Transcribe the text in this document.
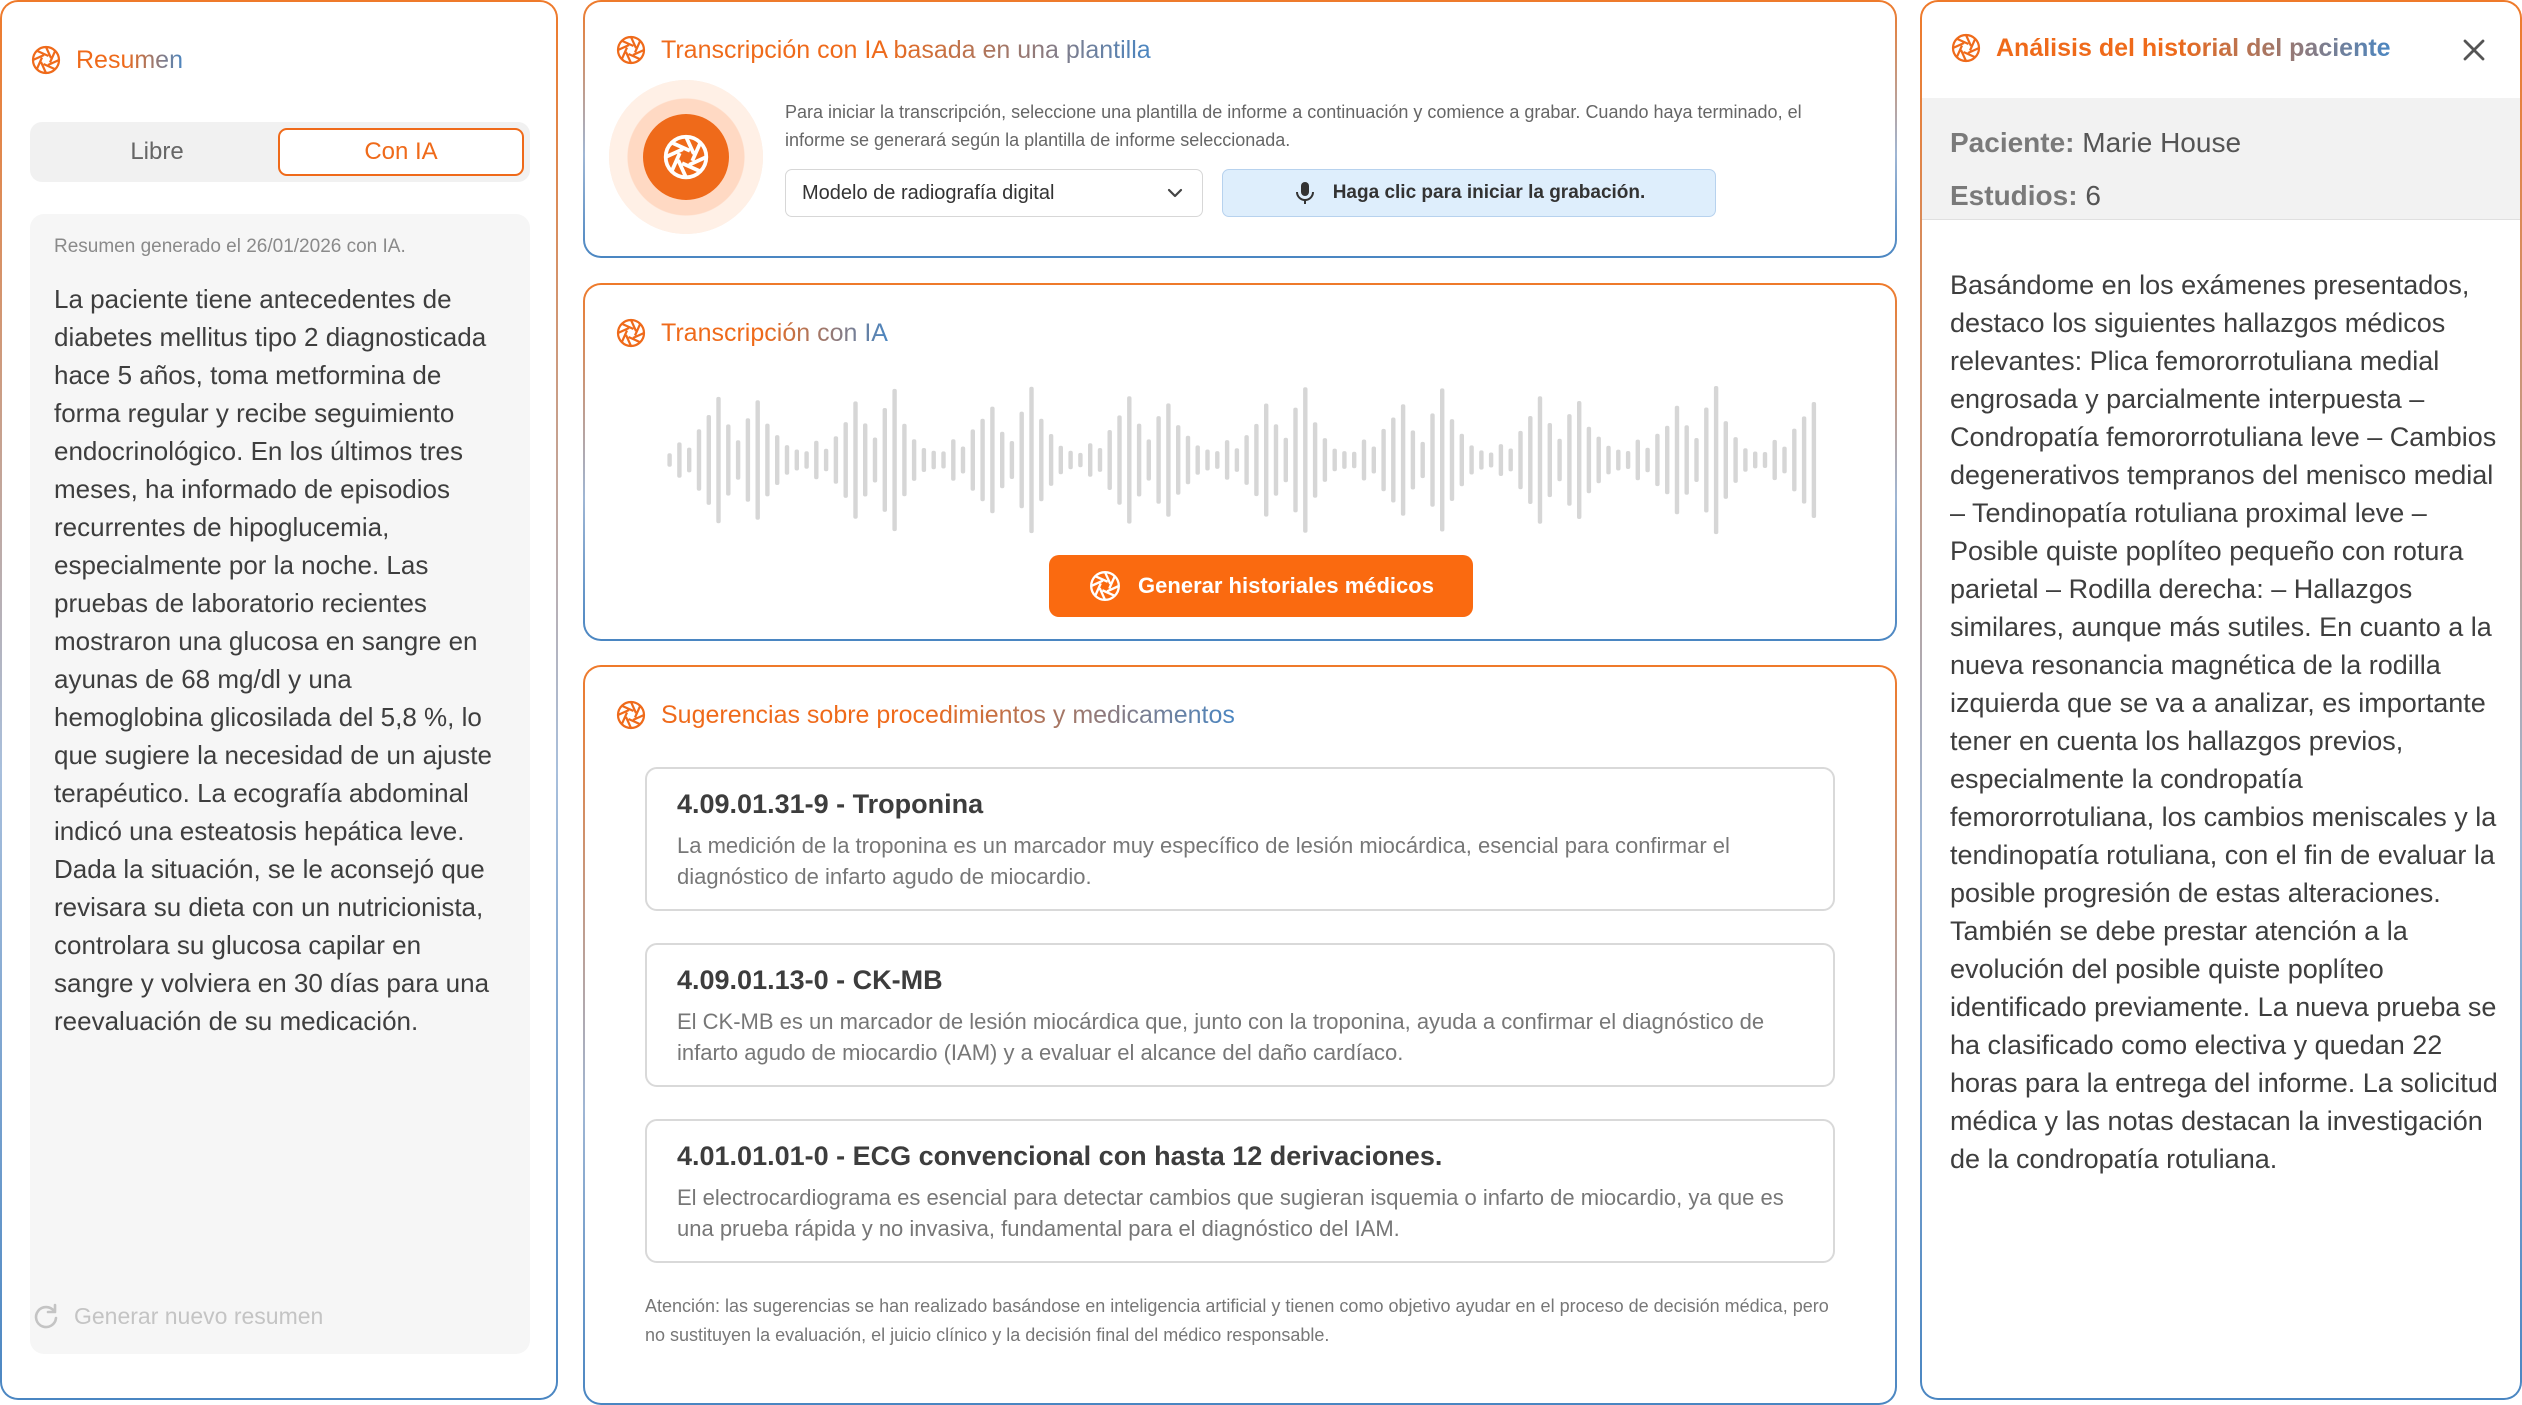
Resumen
Libre	Con IA
Resumen generado el 26/01/2026 con IA.
La paciente tiene antecedentes de diabetes mellitus tipo 2 diagnosticada hace 5 años, toma metformina de forma regular y recibe seguimiento endocrinológico. En los últimos tres meses, ha informado de episodios recurrentes de hipoglucemia, especialmente por la noche. Las pruebas de laboratorio recientes mostraron una glucosa en sangre en ayunas de 68 mg/dl y una hemoglobina glicosilada del 5,8 %, lo que sugiere la necesidad de un ajuste terapéutico. La ecografía abdominal indicó una esteatosis hepática leve. Dada la situación, se le aconsejó que revisara su dieta con un nutricionista, controlara su glucosa capilar en sangre y volviera en 30 días para una reevaluación de su medicación.
Generar nuevo resumen
Transcripción con IA basada en una plantilla
Para iniciar la transcripción, seleccione una plantilla de informe a continuación y comience a grabar. Cuando haya terminado, el informe se generará según la plantilla de informe seleccionada.
Modelo de radiografía digital	Haga clic para iniciar la grabación.
Transcripción con IA
Generar historiales médicos
Sugerencias sobre procedimientos y medicamentos
4.09.01.31-9 - Troponina
La medición de la troponina es un marcador muy específico de lesión miocárdica, esencial para confirmar el diagnóstico de infarto agudo de miocardio.
4.09.01.13-0 - CK-MB
El CK-MB es un marcador de lesión miocárdica que, junto con la troponina, ayuda a confirmar el diagnóstico de infarto agudo de miocardio (IAM) y a evaluar el alcance del daño cardíaco.
4.01.01.01-0 - ECG convencional con hasta 12 derivaciones.
El electrocardiograma es esencial para detectar cambios que sugieran isquemia o infarto de miocardio, ya que es una prueba rápida y no invasiva, fundamental para el diagnóstico del IAM.
Atención: las sugerencias se han realizado basándose en inteligencia artificial y tienen como objetivo ayudar en el proceso de decisión médica, pero no sustituyen la evaluación, el juicio clínico y la decisión final del médico responsable.
Análisis del historial del paciente
Paciente: Marie House
Estudios: 6
Basándome en los exámenes presentados, destaco los siguientes hallazgos médicos relevantes: Plica femororrotuliana medial engrosada y parcialmente interpuesta – Condropatía femororrotuliana leve – Cambios degenerativos tempranos del menisco medial – Tendinopatía rotuliana proximal leve – Posible quiste poplíteo pequeño con rotura parietal – Rodilla derecha: – Hallazgos similares, aunque más sutiles. En cuanto a la nueva resonancia magnética de la rodilla izquierda que se va a analizar, es importante tener en cuenta los hallazgos previos, especialmente la condropatía femororrotuliana, los cambios meniscales y la tendinopatía rotuliana, con el fin de evaluar la posible progresión de estas alteraciones. También se debe prestar atención a la evolución del posible quiste poplíteo identificado previamente. La nueva prueba se ha clasificado como electiva y quedan 22 horas para la entrega del informe. La solicitud médica y las notas destacan la investigación de la condropatía rotuliana.
